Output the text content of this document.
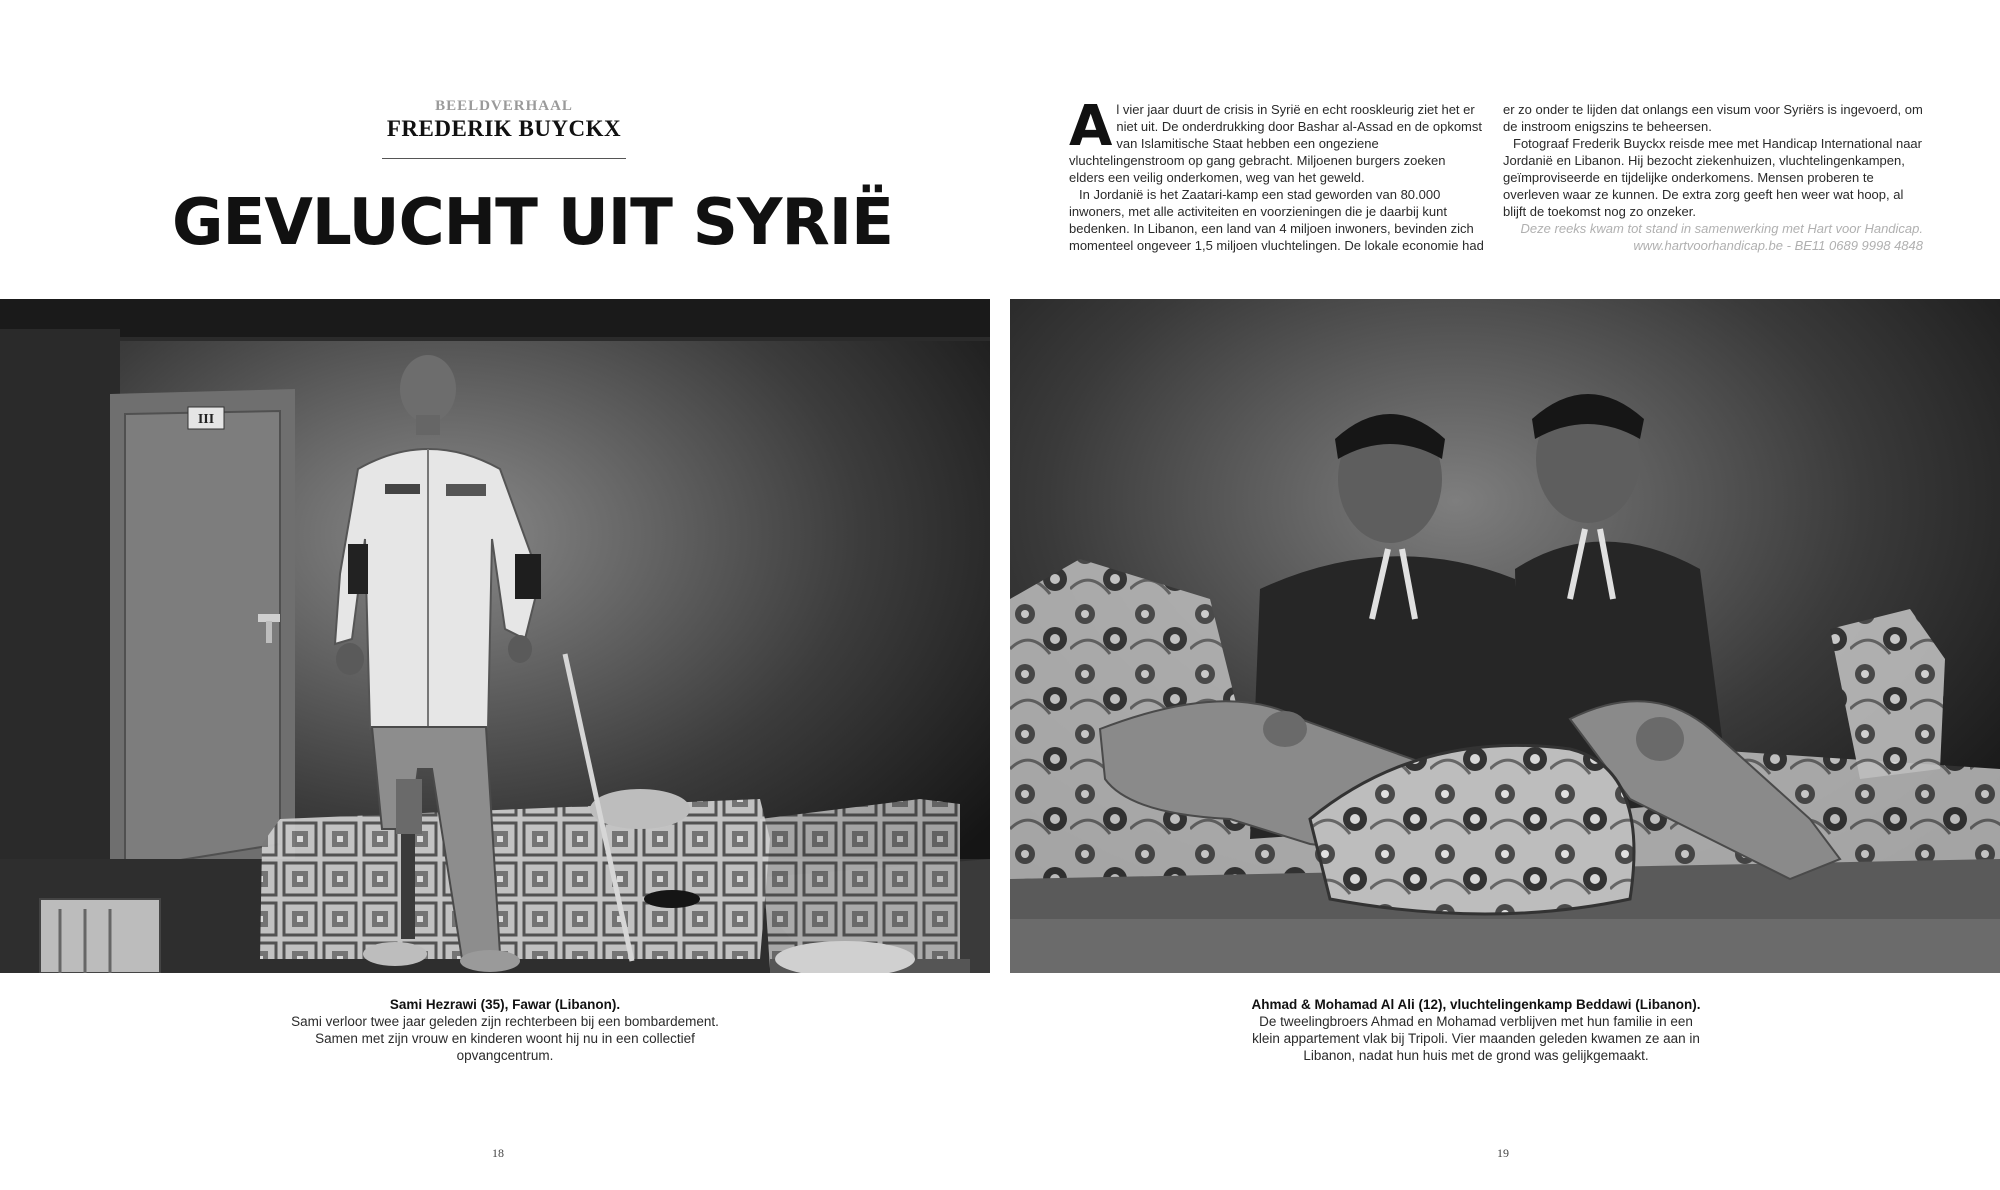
BEELDVERHAAL
FREDERIK BUYCKX
GEVLUCHT UIT SYRIË

Al vier jaar duurt de crisis in Syrië en echt rooskleurig ziet het er niet uit. De onderdrukking door Bashar al-Assad en de opkomst van Islamitische Staat hebben een ongeziene vluchtelingenstroom op gang gebracht. Miljoenen burgers zoeken elders een veilig onderkomen, weg van het geweld.

In Jordanië is het Zaatari-kamp een stad geworden van 80.000 inwoners, met alle activiteiten en voorzieningen die je daarbij kunt bedenken. In Libanon, een land van 4 miljoen inwoners, bevinden zich momenteel ongeveer 1,5 miljoen vluchtelingen. De lokale economie had

er zo onder te lijden dat onlangs een visum voor Syriërs is ingevoerd, om de instroom enigszins te beheersen.

Fotograaf Frederik Buyckx reisde mee met Handicap International naar Jordanië en Libanon. Hij bezocht ziekenhuizen, vluchtelingenkampen, geïmproviseerde en tijdelijke onderkomens. Mensen proberen te overleven waar ze kunnen. De extra zorg geeft hen weer wat hoop, al blijft de toekomst nog zo onzeker.

Deze reeks kwam tot stand in samenwerking met Hart voor Handicap.

www.hartvoorhandicap.be - BE11 0689 9998 4848

III
Sami Hezrawi (35), Fawar (Libanon).
Sami verloor twee jaar geleden zijn rechterbeen bij een bombardement. Samen met zijn vrouw en kinderen woont hij nu in een collectief opvangcentrum.
Ahmad & Mohamad Al Ali (12), vluchtelingenkamp Beddawi (Libanon).
De tweelingbroers Ahmad en Mohamad verblijven met hun familie in een klein appartement vlak bij Tripoli. Vier maanden geleden kwamen ze aan in Libanon, nadat hun huis met de grond was gelijkgemaakt.
18	19
